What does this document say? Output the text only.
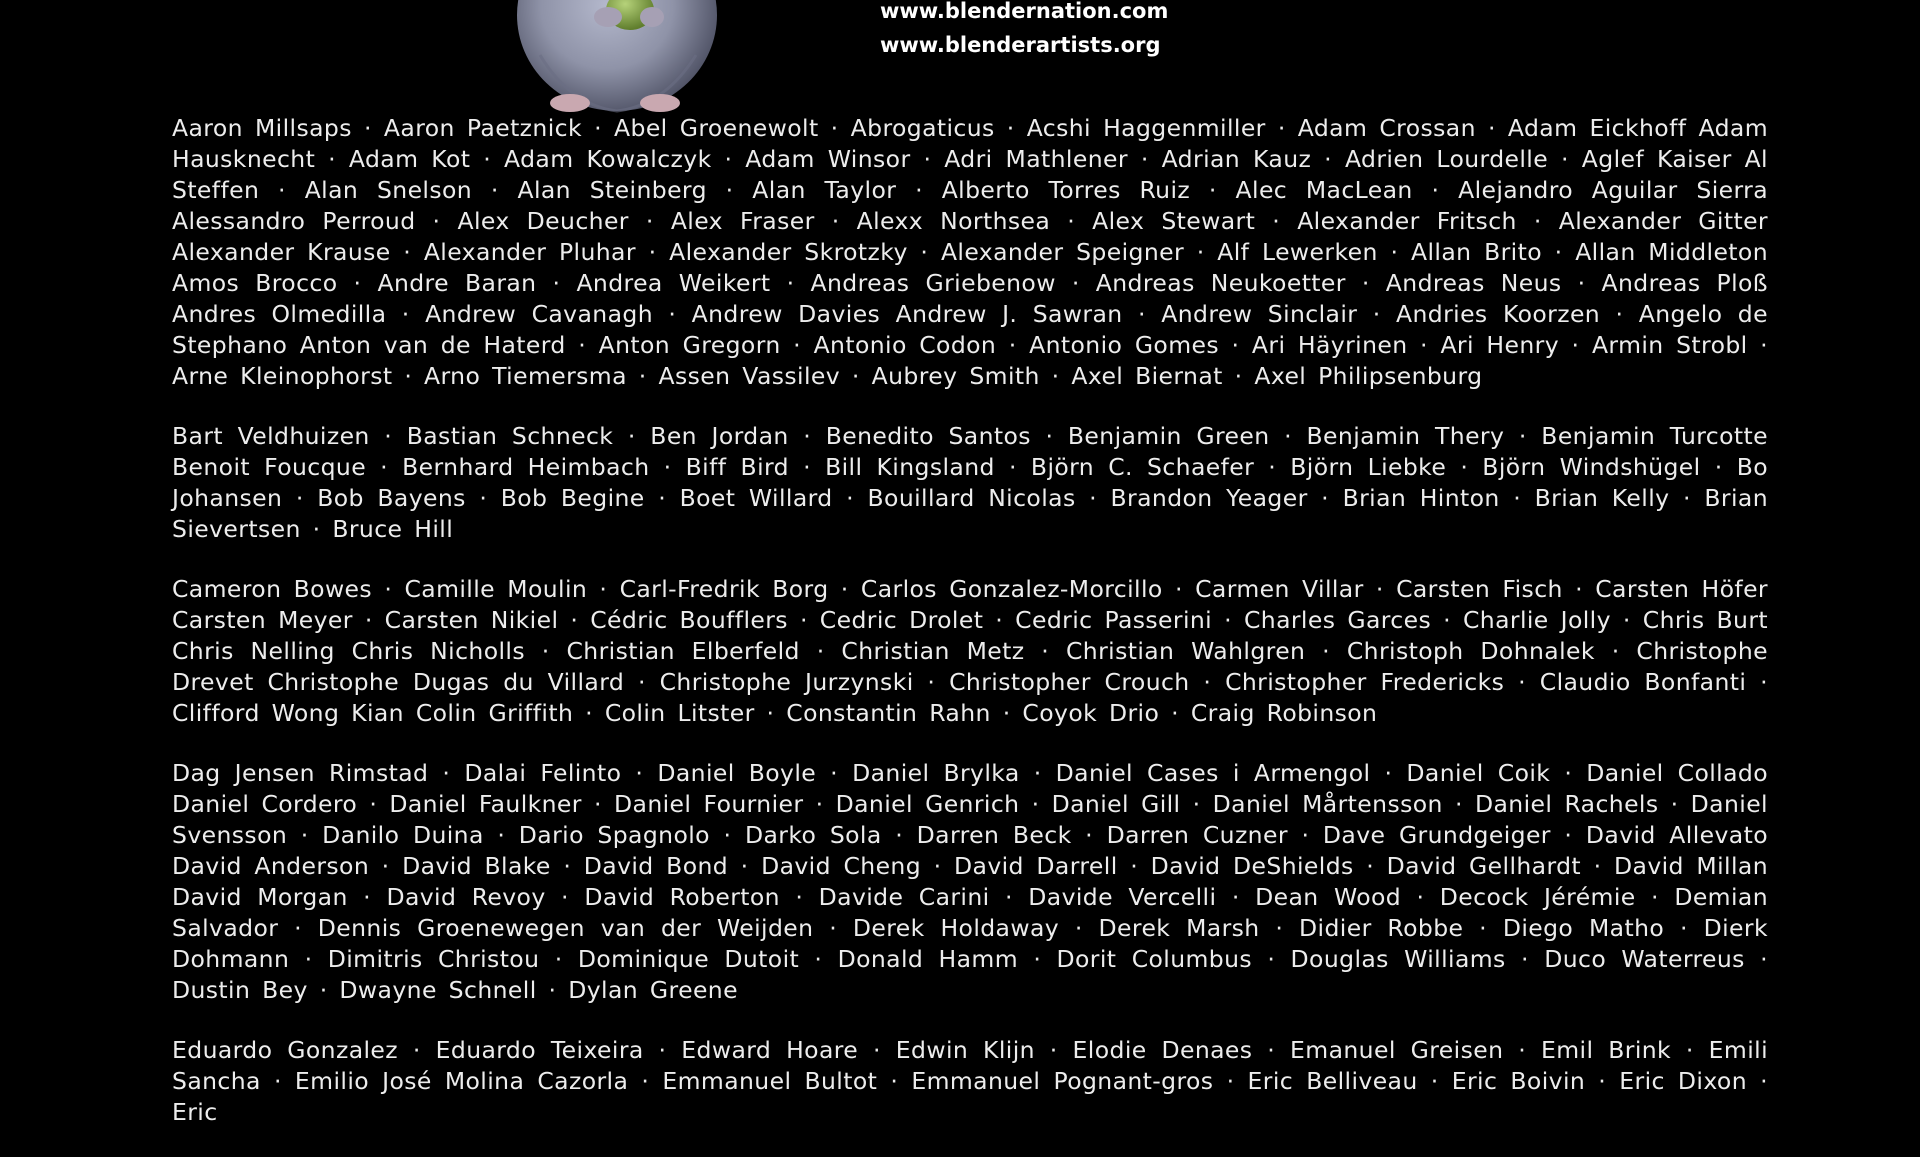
www.blendernation.com
www.blenderartists.org

Aaron Millsaps · Aaron Paetznick · Abel Groenewolt · Abrogaticus · Acshi Haggenmiller · Adam Crossan · Adam Eickhoff Adam Hausknecht · Adam Kot · Adam Kowalczyk · Adam Winsor · Adri Mathlener · Adrian Kauz · Adrien Lourdelle · Aglef Kaiser Al Steffen · Alan Snelson · Alan Steinberg · Alan Taylor · Alberto Torres Ruiz · Alec MacLean · Alejandro Aguilar Sierra Alessandro Perroud · Alex Deucher · Alex Fraser · Alexx Northsea · Alex Stewart · Alexander Fritsch · Alexander Gitter Alexander Krause · Alexander Pluhar · Alexander Skrotzky · Alexander Speigner · Alf Lewerken · Allan Brito · Allan Middleton Amos Brocco · Andre Baran · Andrea Weikert · Andreas Griebenow · Andreas Neukoetter · Andreas Neus · Andreas Ploß Andres Olmedilla · Andrew Cavanagh · Andrew Davies Andrew J. Sawran · Andrew Sinclair · Andries Koorzen · Angelo de Stephano Anton van de Haterd · Anton Gregorn · Antonio Codon · Antonio Gomes · Ari Häyrinen · Ari Henry · Armin Strobl · Arne Kleinophorst · Arno Tiemersma · Assen Vassilev · Aubrey Smith · Axel Biernat · Axel Philipsenburg

Bart Veldhuizen · Bastian Schneck · Ben Jordan · Benedito Santos · Benjamin Green · Benjamin Thery · Benjamin Turcotte Benoit Foucque · Bernhard Heimbach · Biff Bird · Bill Kingsland · Björn C. Schaefer · Björn Liebke · Björn Windshügel · Bo Johansen · Bob Bayens · Bob Begine · Boet Willard · Bouillard Nicolas · Brandon Yeager · Brian Hinton · Brian Kelly · Brian Sievertsen · Bruce Hill

Cameron Bowes · Camille Moulin · Carl-Fredrik Borg · Carlos Gonzalez-Morcillo · Carmen Villar · Carsten Fisch · Carsten Höfer Carsten Meyer · Carsten Nikiel · Cédric Boufflers · Cedric Drolet · Cedric Passerini · Charles Garces · Charlie Jolly · Chris Burt Chris Nelling Chris Nicholls · Christian Elberfeld · Christian Metz · Christian Wahlgren · Christoph Dohnalek · Christophe Drevet Christophe Dugas du Villard · Christophe Jurzynski · Christopher Crouch · Christopher Fredericks · Claudio Bonfanti · Clifford Wong Kian Colin Griffith · Colin Litster · Constantin Rahn · Coyok Drio · Craig Robinson

Dag Jensen Rimstad · Dalai Felinto · Daniel Boyle · Daniel Brylka · Daniel Cases i Armengol · Daniel Coik · Daniel Collado Daniel Cordero · Daniel Faulkner · Daniel Fournier · Daniel Genrich · Daniel Gill · Daniel Mårtensson · Daniel Rachels · Daniel Svensson · Danilo Duina · Dario Spagnolo · Darko Sola · Darren Beck · Darren Cuzner · Dave Grundgeiger · David Allevato David Anderson · David Blake · David Bond · David Cheng · David Darrell · David DeShields · David Gellhardt · David Millan David Morgan · David Revoy · David Roberton · Davide Carini · Davide Vercelli · Dean Wood · Decock Jérémie · Demian Salvador · Dennis Groenewegen van der Weijden · Derek Holdaway · Derek Marsh · Didier Robbe · Diego Matho · Dierk Dohmann · Dimitris Christou · Dominique Dutoit · Donald Hamm · Dorit Columbus · Douglas Williams · Duco Waterreus · Dustin Bey · Dwayne Schnell · Dylan Greene

Eduardo Gonzalez · Eduardo Teixeira · Edward Hoare · Edwin Klijn · Elodie Denaes · Emanuel Greisen · Emil Brink · Emili Sancha · Emilio José Molina Cazorla · Emmanuel Bultot · Emmanuel Pognant-gros · Eric Belliveau · Eric Boivin · Eric Dixon · Eric
